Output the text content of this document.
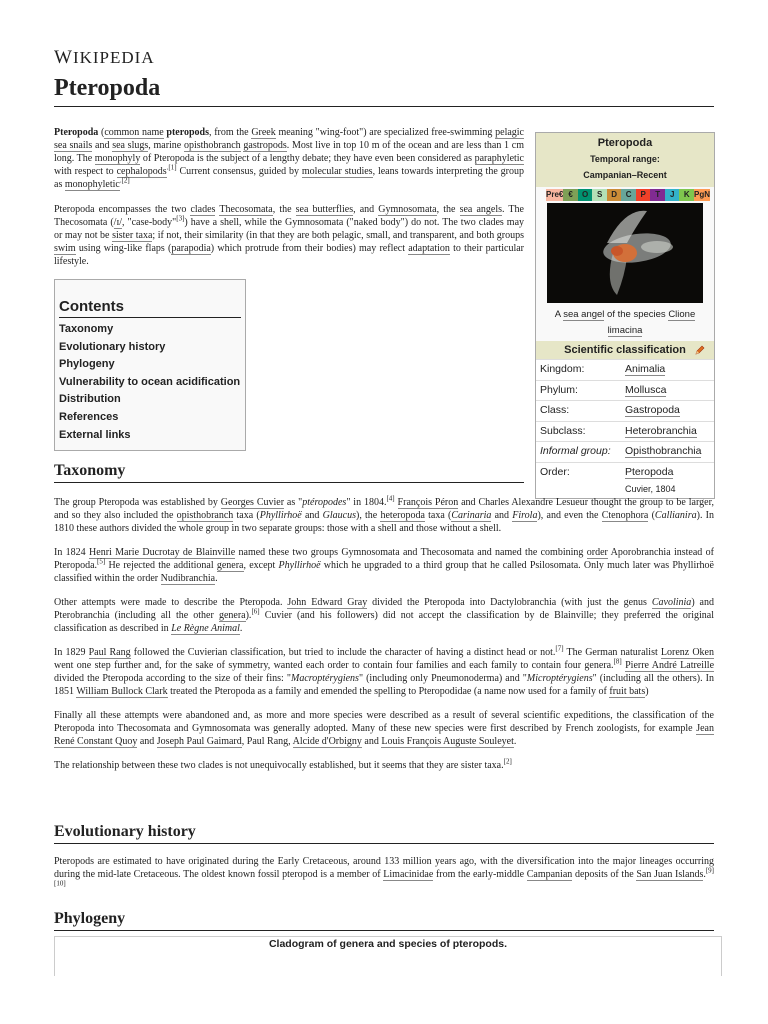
WIKIPEDIA
Pteropoda

Pteropoda (common name pteropods, from the Greek meaning "wing-foot") are specialized free-swimming pelagic sea snails and sea slugs, marine opisthobranch gastropods. Most live in top 10 m of the ocean and are less than 1 cm long. The monophyly of Pteropoda is the subject of a lengthy debate; they have even been considered as paraphyletic with respect to cephalopods$^{.[1]}$ Current consensus, guided by molecular studies, leans towards interpreting the group as monophyletic$^{.[2]}$

Pteropoda encompasses the two clades Thecosomata, the sea butterflies, and Gymnosomata, the sea angels. The Thecosomata (/ɪ/, "case-body"[3]) have a shell, while the Gymnosomata ("naked body") do not. The two clades may or may not be sister taxa; if not, their similarity (in that they are both pelagic, small, and transparent, and both groups swim using wing-like flaps (parapodia) which protrude from their bodies) may reflect adaptation to their particular lifestyle.

Contents
Taxonomy
Evolutionary history
Phylogeny
Vulnerability to ocean acidification
Distribution
References
External links
Pteropoda
Temporal range:
Campanian–Recent
Pre€ €	O	S	D	C	P	T	J	K PgN
A sea angel of the species Clione limacina
Scientific classification
Kingdom:	Animalia
Phylum:	Mollusca
Class:	Gastropoda
Subclass:	Heterobranchia
Informal group:	Opisthobranchia
Order:	Pteropoda
Cuvier, 1804
Taxonomy

The group Pteropoda was established by Georges Cuvier as "ptéropodes" in 1804.[4] François Péron and Charles Alexandre Lesueur thought the group to be larger, and so they also included the opisthobranch taxa (Phyllirhoë and Glaucus), the heteropoda taxa (Carinaria and Firola), and even the Ctenophora (Callianira). In 1810 these authors divided the whole group in two separate groups: those with a shell and those without a shell.

In 1824 Henri Marie Ducrotay de Blainville named these two groups Gymnosomata and Thecosomata and named the combining order Aporobranchia instead of Pteropoda.[5] He rejected the additional genera, except Phyllirhoë which he upgraded to a third group that he called Psilosomata. Only much later was Phyllirhoë classified within the order Nudibranchia.

Other attempts were made to describe the Pteropoda. John Edward Gray divided the Pteropoda into Dactylobranchia (with just the genus Cavolinia) and Pterobranchia (including all the other genera).[6] Cuvier (and his followers) did not accept the classification by de Blainville; they preferred the original classification as described in Le Règne Animal.

In 1829 Paul Rang followed the Cuvierian classification, but tried to include the character of having a distinct head or not.[7] The German naturalist Lorenz Oken went one step further and, for the sake of symmetry, wanted each order to contain four families and each family to contain four genera.[8] Pierre André Latreille divided the Pteropoda according to the size of their fins: "Macroptérygiens" (including only Pneumonoderma) and "Microptérygiens" (including all the others). In 1851 William Bullock Clark treated the Pteropoda as a family and emended the spelling to Pteropodidae (a name now used for a family of fruit bats)

Finally all these attempts were abandoned and, as more and more species were described as a result of several scientific expeditions, the classification of the Pteropoda into Thecosomata and Gymnosomata was generally adopted. Many of these new species were first described by French zoologists, for example Jean René Constant Quoy and Joseph Paul Gaimard, Paul Rang, Alcide d'Orbigny and Louis François Auguste Souleyet.

The relationship between these two clades is not unequivocally established, but it seems that they are sister taxa.[2]

Evolutionary history

Pteropods are estimated to have originated during the Early Cretaceous, around 133 million years ago, with the diversification into the major lineages occurring during the mid-late Cretaceous. The oldest known fossil pteropod is a member of Limacinidae from the early-middle Campanian deposits of the San Juan Islands.[9][10]

Phylogeny
Cladogram of genera and species of pteropods.
